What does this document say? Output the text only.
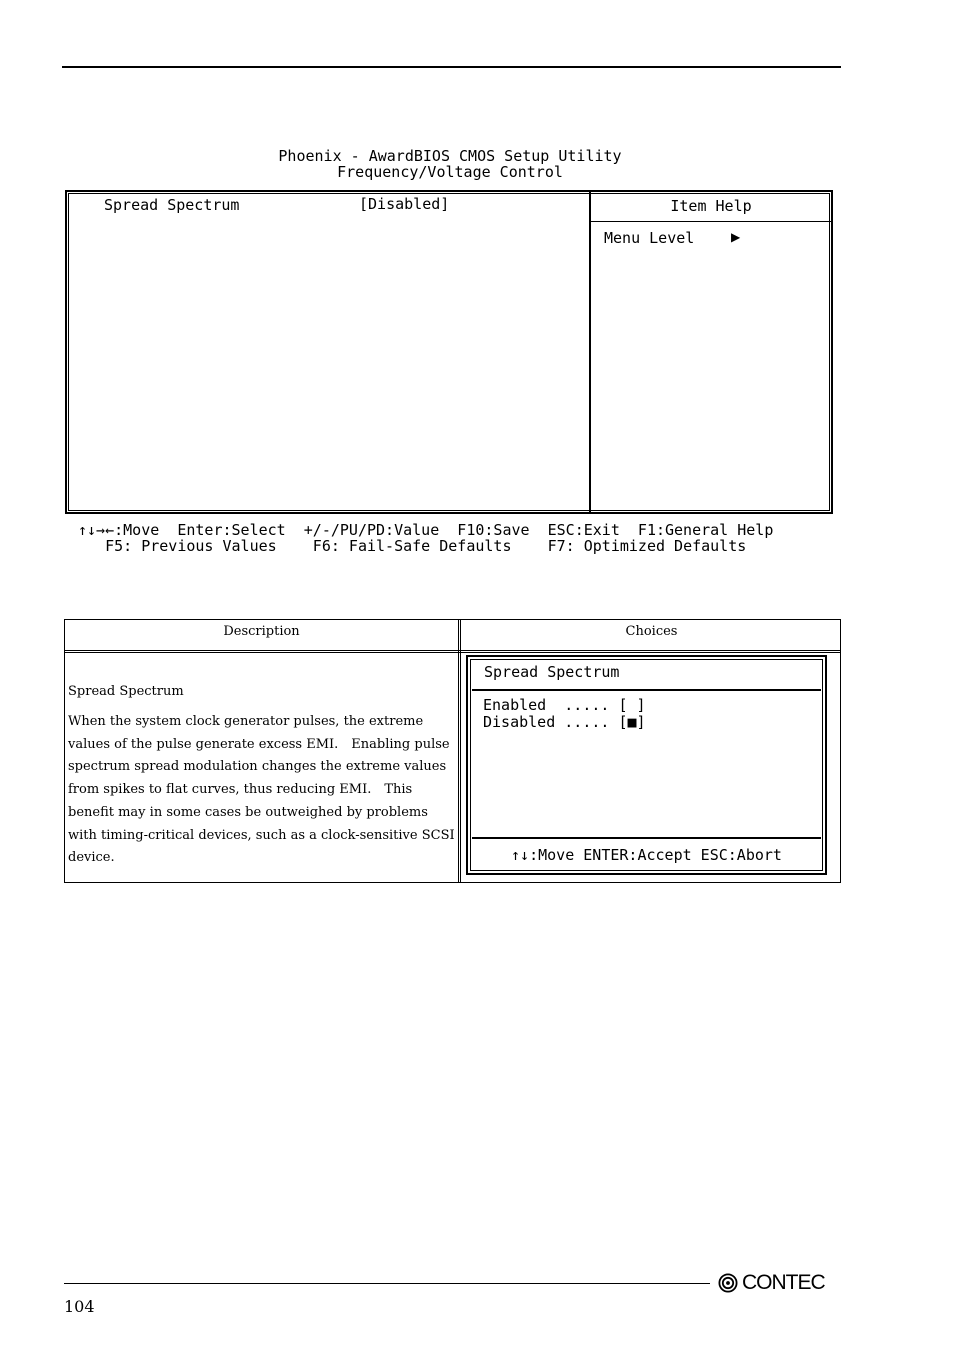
Phoenix - AwardBIOS CMOS Setup Utility
Frequency/Voltage Control
Spread Spectrum	[Disabled]	Item Help
Menu Level	▶
↑↓→←:Move  Enter:Select  +/-/PU/PD:Value  F10:Save  ESC:Exit  F1:General Help
F5: Previous Values    F6: Fail-Safe Defaults    F7: Optimized Defaults
Description	Choices
Spread Spectrum
When the system clock generator pulses, the extreme values of the pulse generate excess EMI.　Enabling pulse spectrum spread modulation changes the extreme values from spikes to flat curves, thus reducing EMI.　This benefit may in some cases be outweighed by problems with timing-critical devices, such as a clock-sensitive SCSI device.
Spread Spectrum
Enabled  ..... [ ]
Disabled ..... [■]
↑↓:Move ENTER:Accept ESC:Abort
104
CONTEC
